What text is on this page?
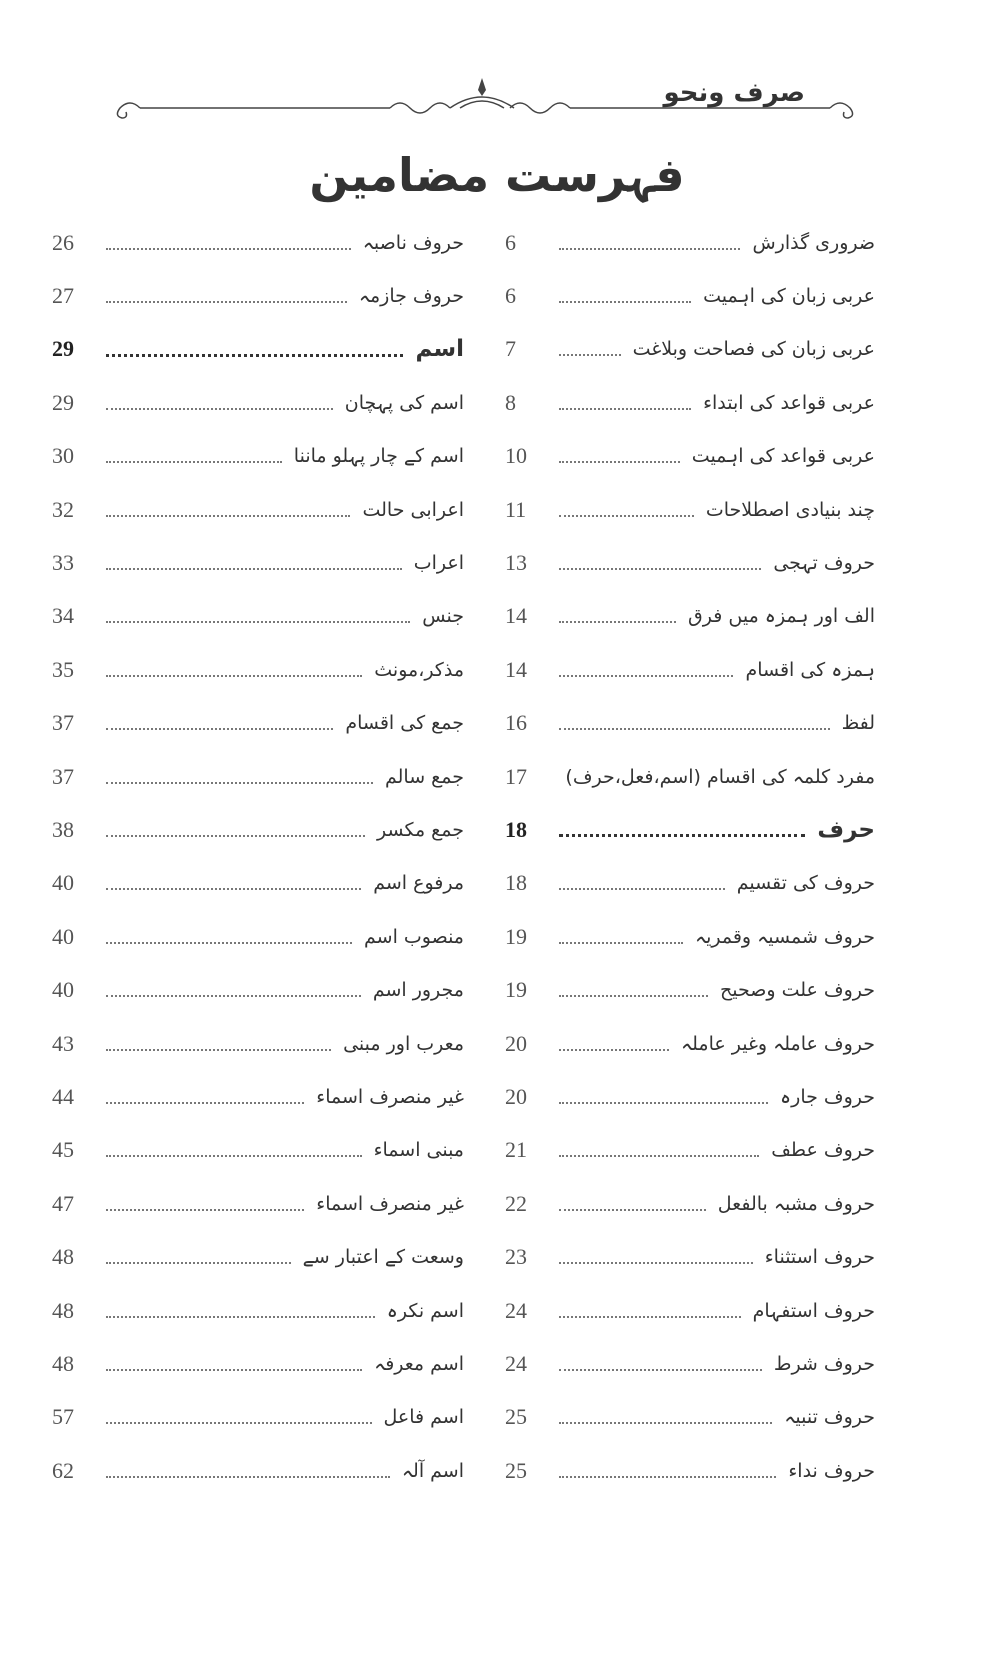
صرف ونحو
فہرست مضامین
6	ضروری گذارش
6	عربی زبان کی اہمیت
7	عربی زبان کی فصاحت وبلاغت
8	عربی قواعد کی ابتداء
10	عربی قواعد کی اہمیت
11	چند بنیادی اصطلاحات
13	حروف تہجی
14	الف اور ہمزہ میں فرق
14	ہمزہ کی اقسام
16	لفظ
17	مفرد کلمہ کی اقسام (اسم،فعل،حرف)
18	حرف
18	حروف کی تقسیم
19	حروف شمسیہ وقمریہ
19	حروف علت وصحیح
20	حروف عاملہ وغیر عاملہ
20	حروف جارہ
21	حروف عطف
22	حروف مشبہ بالفعل
23	حروف استثناء
24	حروف استفہام
24	حروف شرط
25	حروف تنبیہ
25	حروف نداء
26	حروف ناصبہ
27	حروف جازمہ
29	اسم
29	اسم کی پہچان
30	اسم کے چار پہلو ماننا
32	اعرابی حالت
33	اعراب
34	جنس
35	مذکر،مونث
37	جمع کی اقسام
37	جمع سالم
38	جمع مکسر
40	مرفوع اسم
40	منصوب اسم
40	مجرور اسم
43	معرب اور مبنی
44	غیر منصرف اسماء
45	مبنی اسماء
47	غیر منصرف اسماء
48	وسعت کے اعتبار سے
48	اسم نکرہ
48	اسم معرفہ
57	اسم فاعل
62	اسم آلہ
